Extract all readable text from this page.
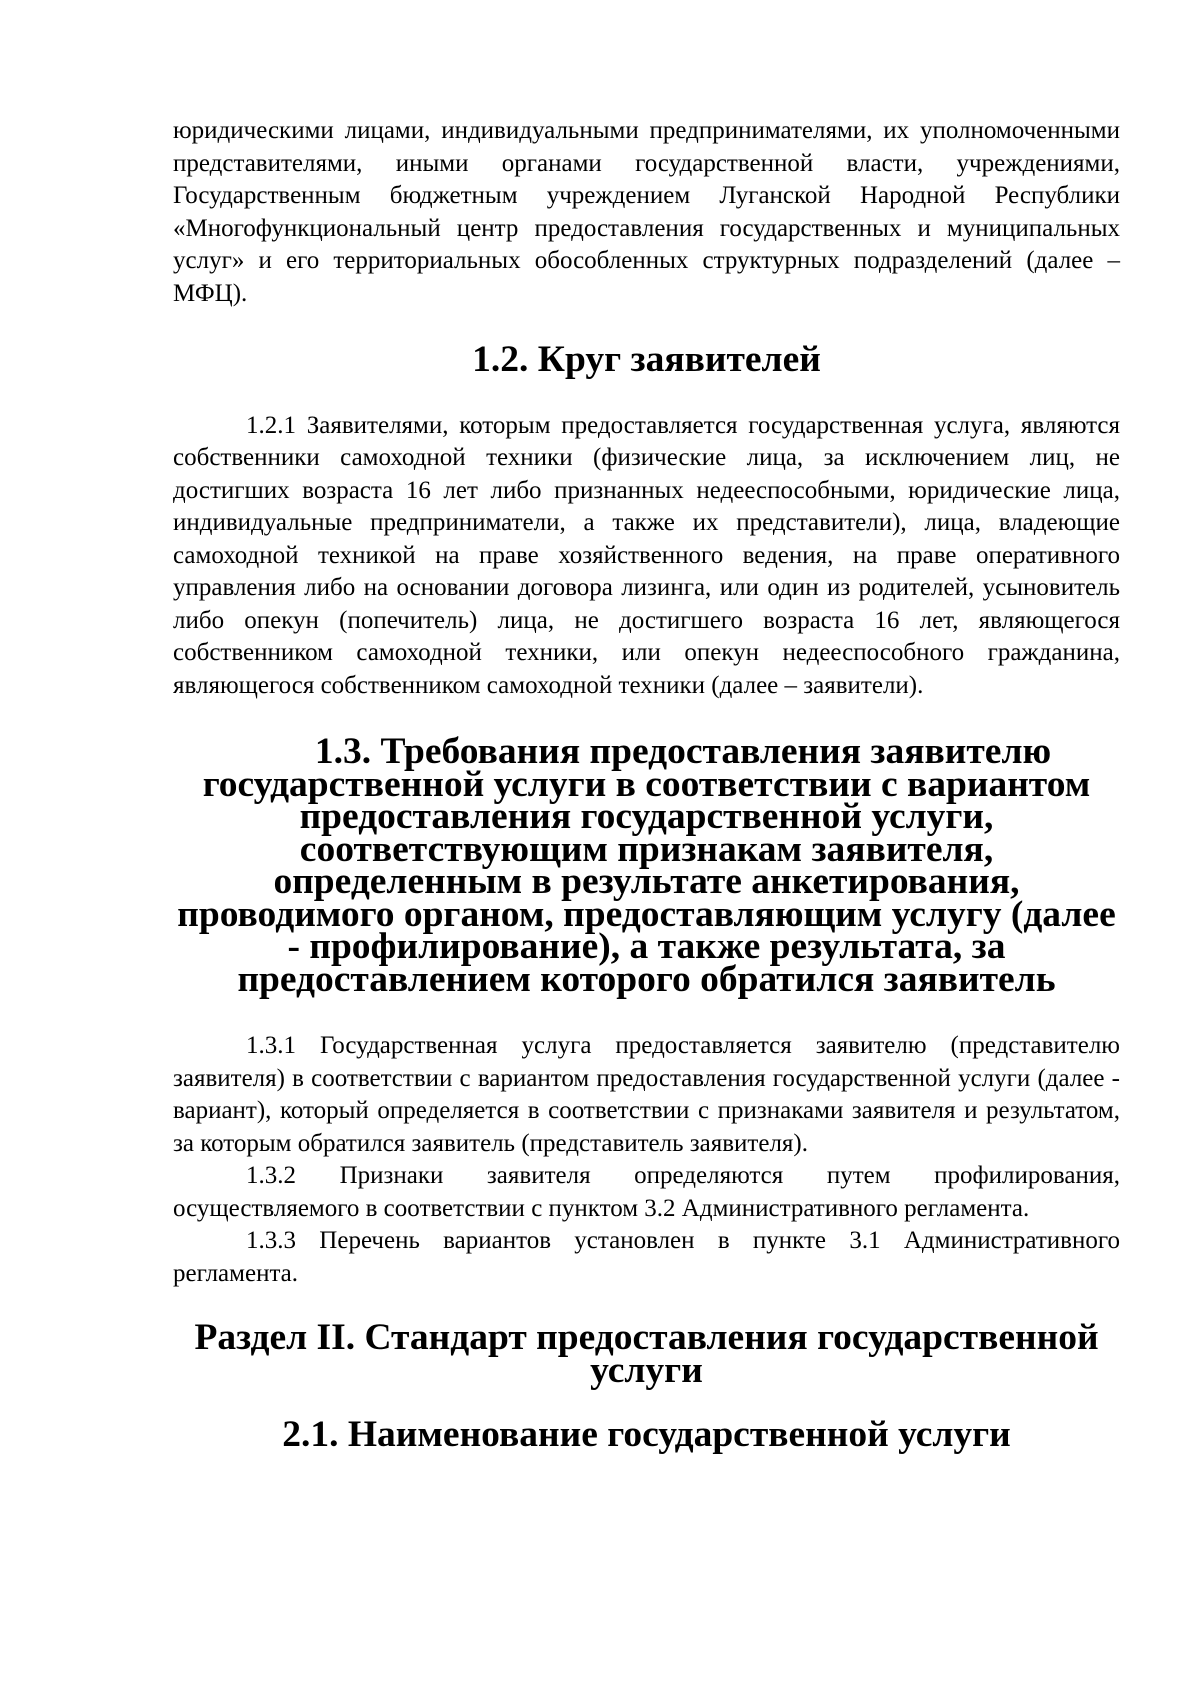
юридическими лицами, индивидуальными предпринимателями, их уполномоченными представителями, иными органами государственной власти, учреждениями, Государственным бюджетным учреждением Луганской Народной Республики «Многофункциональный центр предоставления государственных и муниципальных услуг» и его территориальных обособленных структурных подразделений (далее – МФЦ).

1.2. Круг заявителей

1.2.1 Заявителями, которым предоставляется государственная услуга, являются собственники самоходной техники (физические лица, за исключением лиц, не достигших возраста 16 лет либо признанных недееспособными, юридические лица, индивидуальные предприниматели, а также их представители), лица, владеющие самоходной техникой на праве хозяйственного ведения, на праве оперативного управления либо на основании договора лизинга, или один из родителей, усыновитель либо опекун (попечитель) лица, не достигшего возраста 16 лет, являющегося собственником самоходной техники, или опекун недееспособного гражданина, являющегося собственником самоходной техники (далее – заявители).

1.3. Требования предоставления заявителю государственной услуги в соответствии с вариантом предоставления государственной услуги, соответствующим признакам заявителя, определенным в результате анкетирования, проводимого органом, предоставляющим услугу (далее - профилирование), а также результата, за предоставлением которого обратился заявитель

1.3.1 Государственная услуга предоставляется заявителю (представителю заявителя) в соответствии с вариантом предоставления государственной услуги (далее - вариант), который определяется в соответствии с признаками заявителя и результатом, за которым обратился заявитель (представитель заявителя).

1.3.2 Признаки заявителя определяются путем профилирования, осуществляемого в соответствии с пунктом 3.2 Административного регламента.

1.3.3 Перечень вариантов установлен в пункте 3.1 Административного регламента.

Раздел II. Стандарт предоставления государственной услуги
2.1. Наименование государственной услуги
